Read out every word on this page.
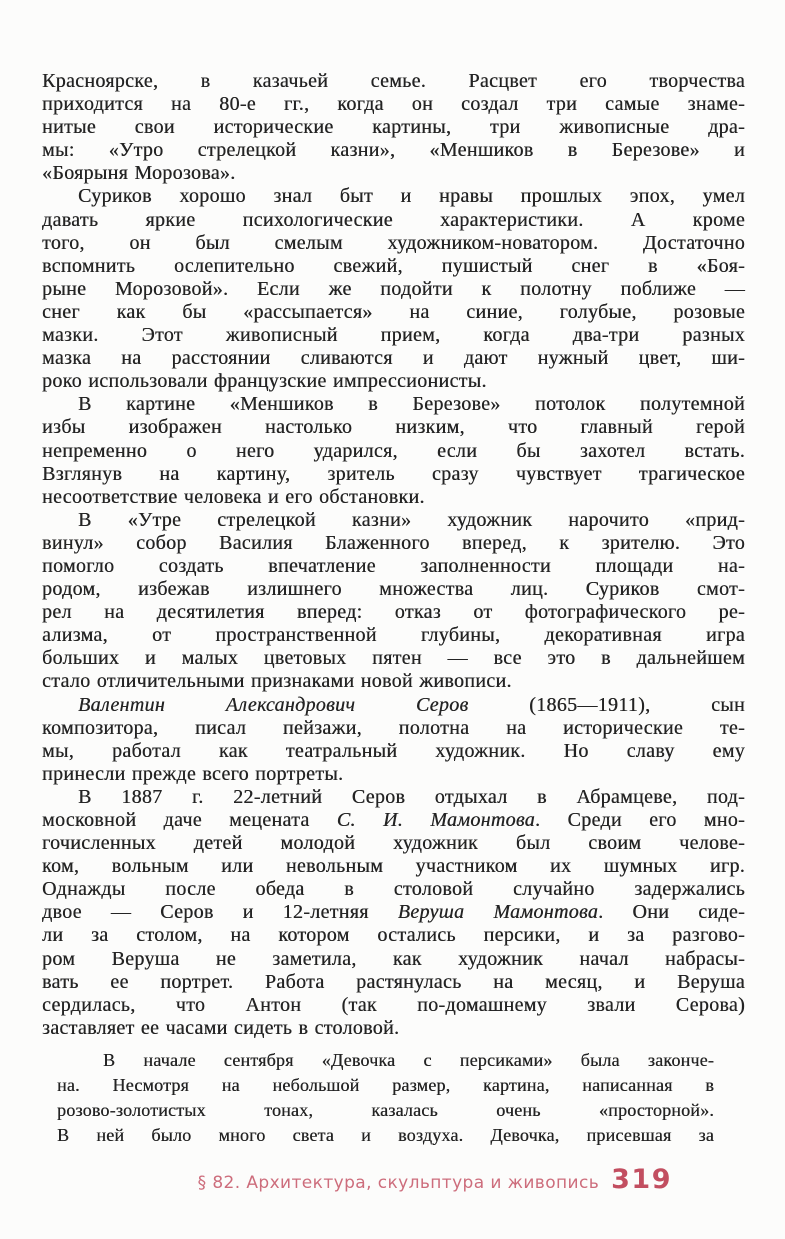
Красноярске, в казачьей семье. Расцвет его творчества
приходится на 80-е гг., когда он создал три самые знаме-
нитые свои исторические картины, три живописные дра-
мы: «Утро стрелецкой казни», «Меншиков в Березове» и
«Боярыня Морозова».
Суриков хорошо знал быт и нравы прошлых эпох, умел
давать яркие психологические характеристики. А кроме
того, он был смелым художником-новатором. Достаточно
вспомнить ослепительно свежий, пушистый снег в «Боя-
рыне Морозовой». Если же подойти к полотну поближе —
снег как бы «рассыпается» на синие, голубые, розовые
мазки. Этот живописный прием, когда два-три разных
мазка на расстоянии сливаются и дают нужный цвет, ши-
роко использовали французские импрессионисты.
В картине «Меншиков в Березове» потолок полутемной
избы изображен настолько низким, что главный герой
непременно о него ударился, если бы захотел встать.
Взглянув на картину, зритель сразу чувствует трагическое
несоответствие человека и его обстановки.
В «Утре стрелецкой казни» художник нарочито «прид-
винул» собор Василия Блаженного вперед, к зрителю. Это
помогло создать впечатление заполненности площади на-
родом, избежав излишнего множества лиц. Суриков смот-
рел на десятилетия вперед: отказ от фотографического ре-
ализма, от пространственной глубины, декоративная игра
больших и малых цветовых пятен — все это в дальнейшем
стало отличительными признаками новой живописи.
Валентин Александрович Серов (1865—1911), сын
композитора, писал пейзажи, полотна на исторические те-
мы, работал как театральный художник. Но славу ему
принесли прежде всего портреты.
В 1887 г. 22-летний Серов отдыхал в Абрамцеве, под-
московной даче мецената С. И. Мамонтова. Среди его мно-
гочисленных детей молодой художник был своим челове-
ком, вольным или невольным участником их шумных игр.
Однажды после обеда в столовой случайно задержались
двое — Серов и 12-летняя Веруша Мамонтова. Они сиде-
ли за столом, на котором остались персики, и за разгово-
ром Веруша не заметила, как художник начал набрасы-
вать ее портрет. Работа растянулась на месяц, и Веруша
сердилась, что Антон (так по-домашнему звали Серова)
заставляет ее часами сидеть в столовой.
В начале сентября «Девочка с персиками» была законче-
на. Несмотря на небольшой размер, картина, написанная в
розово-золотистых тонах, казалась очень «просторной».
В ней было много света и воздуха. Девочка, присевшая за
§ 82. Архитектура, скульптура и живопись 319
